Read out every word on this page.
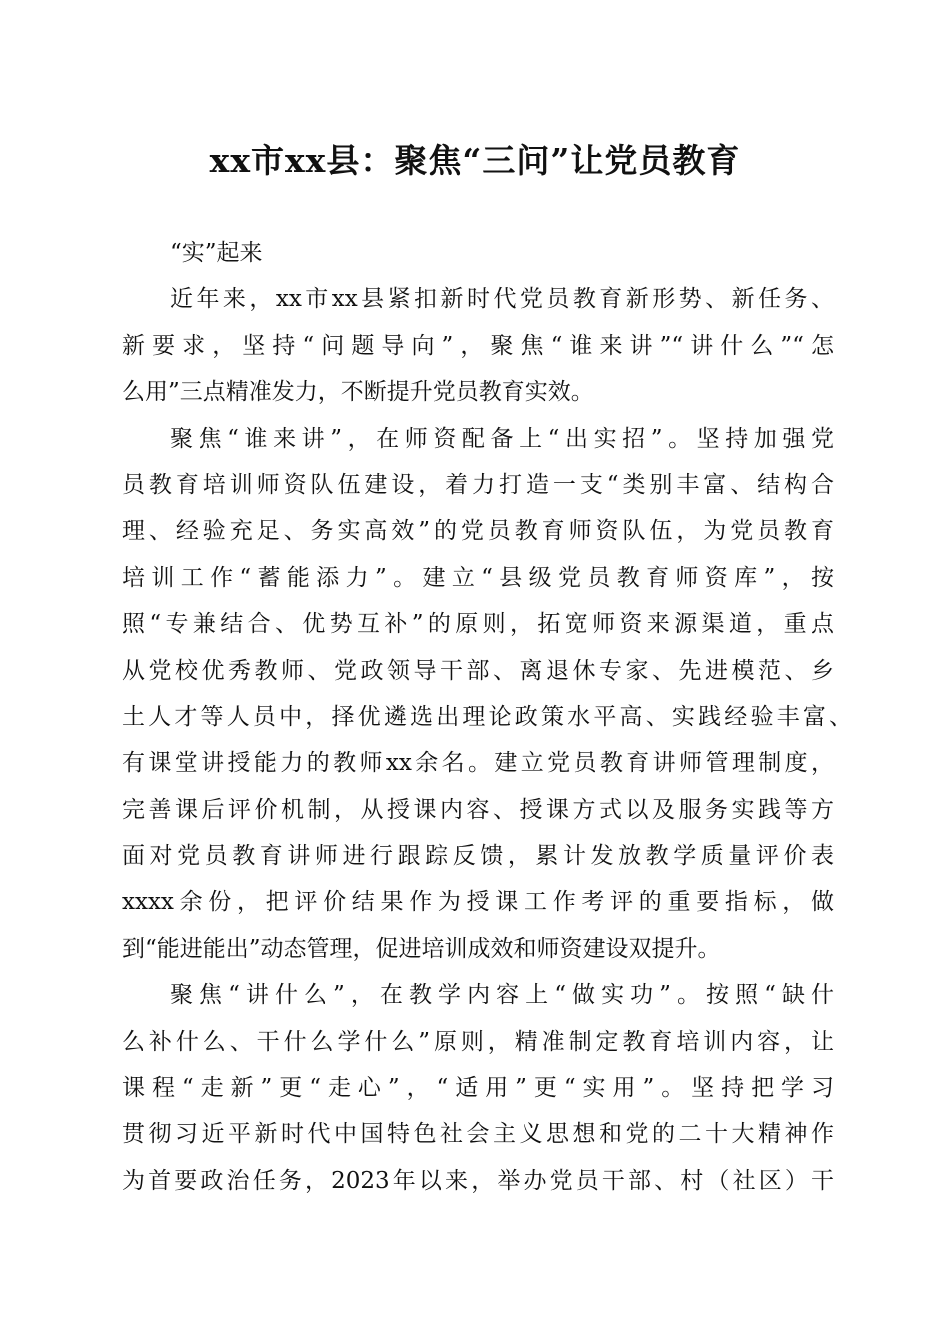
xx市xx县：聚焦“三问”让党员教育
“实”起来
近年来，xx市xx县紧扣新时代党员教育新形势、新任务、
新要求，坚持“问题导向”，聚焦“谁来讲”“讲什么”“怎
么用”三点精准发力，不断提升党员教育实效。
聚焦“谁来讲”，在师资配备上“出实招”。坚持加强党
员教育培训师资队伍建设，着力打造一支“类别丰富、结构合
理、经验充足、务实高效”的党员教育师资队伍，为党员教育
培训工作“蓄能添力”。建立“县级党员教育师资库”，按
照“专兼结合、优势互补”的原则，拓宽师资来源渠道，重点
从党校优秀教师、党政领导干部、离退休专家、先进模范、乡
土人才等人员中，择优遴选出理论政策水平高、实践经验丰富、
有课堂讲授能力的教师xx余名。建立党员教育讲师管理制度，
完善课后评价机制，从授课内容、授课方式以及服务实践等方
面对党员教育讲师进行跟踪反馈，累计发放教学质量评价表
xxxx余份，把评价结果作为授课工作考评的重要指标，做
到“能进能出”动态管理，促进培训成效和师资建设双提升。
聚焦“讲什么”，在教学内容上“做实功”。按照“缺什
么补什么、干什么学什么”原则，精准制定教育培训内容，让
课程“走新”更“走心”，“适用”更“实用”。坚持把学习
贯彻习近平新时代中国特色社会主义思想和党的二十大精神作
为首要政治任务，2023年以来，举办党员干部、村（社区）干
